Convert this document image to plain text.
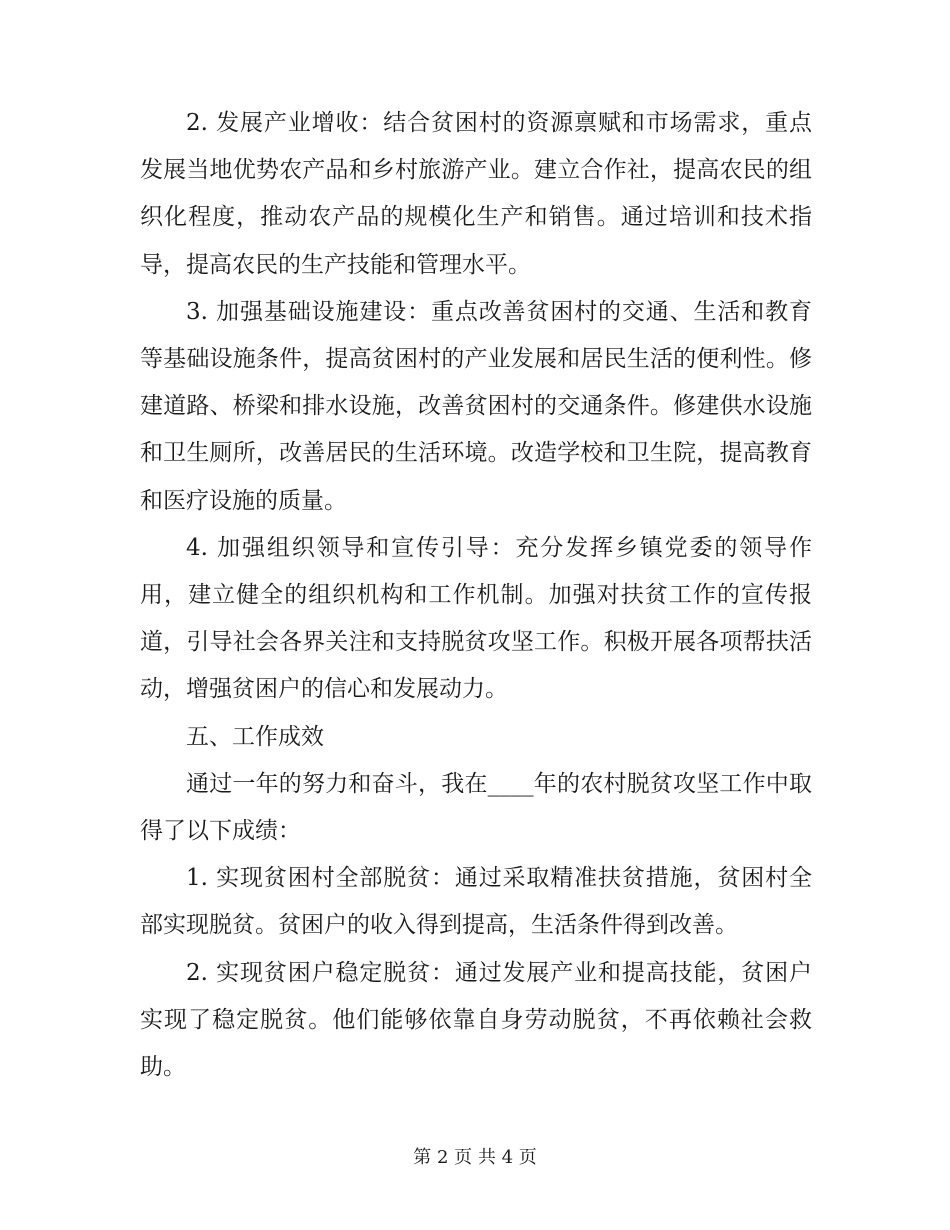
2. 发展产业增收：结合贫困村的资源禀赋和市场需求，重点发展当地优势农产品和乡村旅游产业。建立合作社，提高农民的组织化程度，推动农产品的规模化生产和销售。通过培训和技术指导，提高农民的生产技能和管理水平。

3. 加强基础设施建设：重点改善贫困村的交通、生活和教育等基础设施条件，提高贫困村的产业发展和居民生活的便利性。修建道路、桥梁和排水设施，改善贫困村的交通条件。修建供水设施和卫生厕所，改善居民的生活环境。改造学校和卫生院，提高教育和医疗设施的质量。

4. 加强组织领导和宣传引导：充分发挥乡镇党委的领导作用，建立健全的组织机构和工作机制。加强对扶贫工作的宣传报道，引导社会各界关注和支持脱贫攻坚工作。积极开展各项帮扶活动，增强贫困户的信心和发展动力。

五、工作成效

通过一年的努力和奋斗，我在____年的农村脱贫攻坚工作中取得了以下成绩：

1. 实现贫困村全部脱贫：通过采取精准扶贫措施，贫困村全部实现脱贫。贫困户的收入得到提高，生活条件得到改善。

2. 实现贫困户稳定脱贫：通过发展产业和提高技能，贫困户实现了稳定脱贫。他们能够依靠自身劳动脱贫，不再依赖社会救助。

第 2 页 共 4 页
